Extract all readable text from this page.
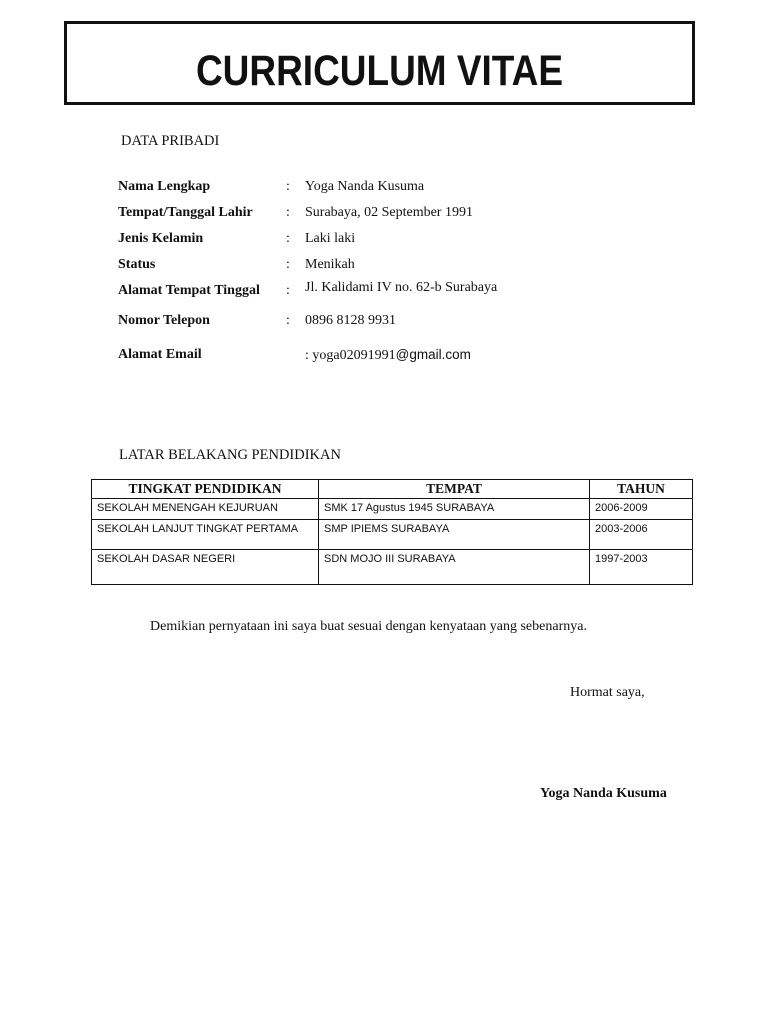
CURRICULUM VITAE
DATA PRIBADI
Nama Lengkap	: Yoga Nanda Kusuma
Tempat/Tanggal Lahir : Surabaya, 02 September 1991
Jenis Kelamin	: Laki laki
Status	: Menikah
Alamat Tempat Tinggal : Jl. Kalidami IV no. 62-b Surabaya
Nomor Telepon	: 0896 8128 9931
Alamat Email	: yoga02091991@gmail.com
LATAR BELAKANG PENDIDIKAN
TINGKAT PENDIDIKAN	TEMPAT	TAHUN
SEKOLAH MENENGAH KEJURUAN	SMK 17 Agustus 1945 SURABAYA	2006-2009
SEKOLAH LANJUT TINGKAT PERTAMA	SMP IPIEMS SURABAYA	2003-2006
SEKOLAH DASAR NEGERI	SDN MOJO III SURABAYA	1997-2003
Demikian pernyataan ini saya buat sesuai dengan kenyataan yang sebenarnya.
Hormat saya,
Yoga Nanda Kusuma
